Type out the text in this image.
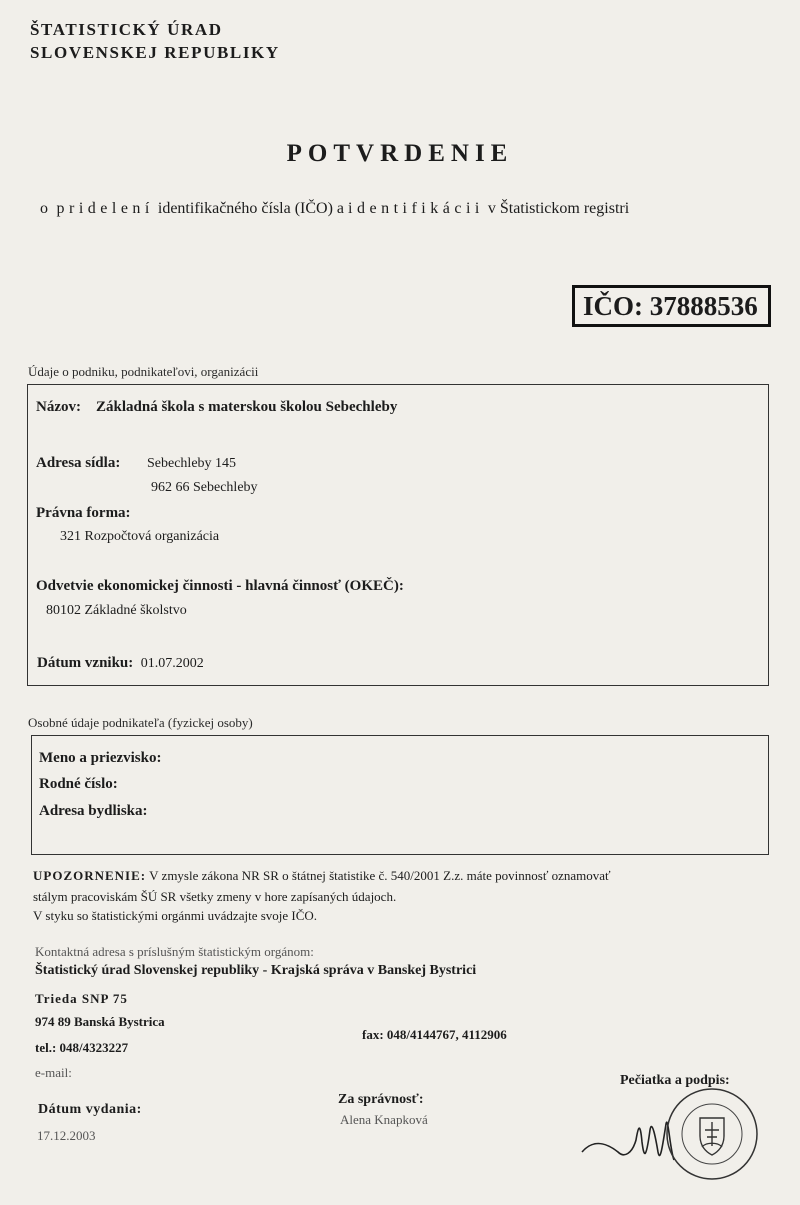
ŠTATISTICKÝ ÚRAD
SLOVENSKEJ REPUBLIKY
POTVRDENIE
o pridelení identifikačného čísla (IČO) a identifikácii v Štatistickom registri
IČO: 37888536
Údaje o podniku, podnikateľovi, organizácii
Názov: Základná škola s materskou školou Sebechleby
Adresa sídla: Sebechleby 145
962 66 Sebechleby
Právna forma:
321 Rozpočtová organizácia
Odvetvie ekonomickej činnosti - hlavná činnosť (OKEČ):
80102 Základné školstvo
Dátum vzniku: 01.07.2002
Osobné údaje podnikateľa (fyzickej osoby)
Meno a priezvisko:
Rodné číslo:
Adresa bydliska:
UPOZORNENIE: V zmysle zákona NR SR o štátnej štatistike č. 540/2001 Z.z. máte povinnosť oznamovať
stálym pracoviskám ŠÚ SR všetky zmeny v hore zapísaných údajoch.
V styku so štatistickými orgánmi uvádzajte svoje IČO.
Kontaktná adresa s príslušným štatistickým orgánom:
Štatistický úrad Slovenskej republiky - Krajská správa v Banskej Bystrici
Trieda SNP 75
974 89 Banská Bystrica
tel.: 048/4323227
fax: 048/4144767, 4112906
e-mail:
Dátum vydania:
17.12.2003
Za správnosť:
Alena Knapková
Pečiatka a podpis:
